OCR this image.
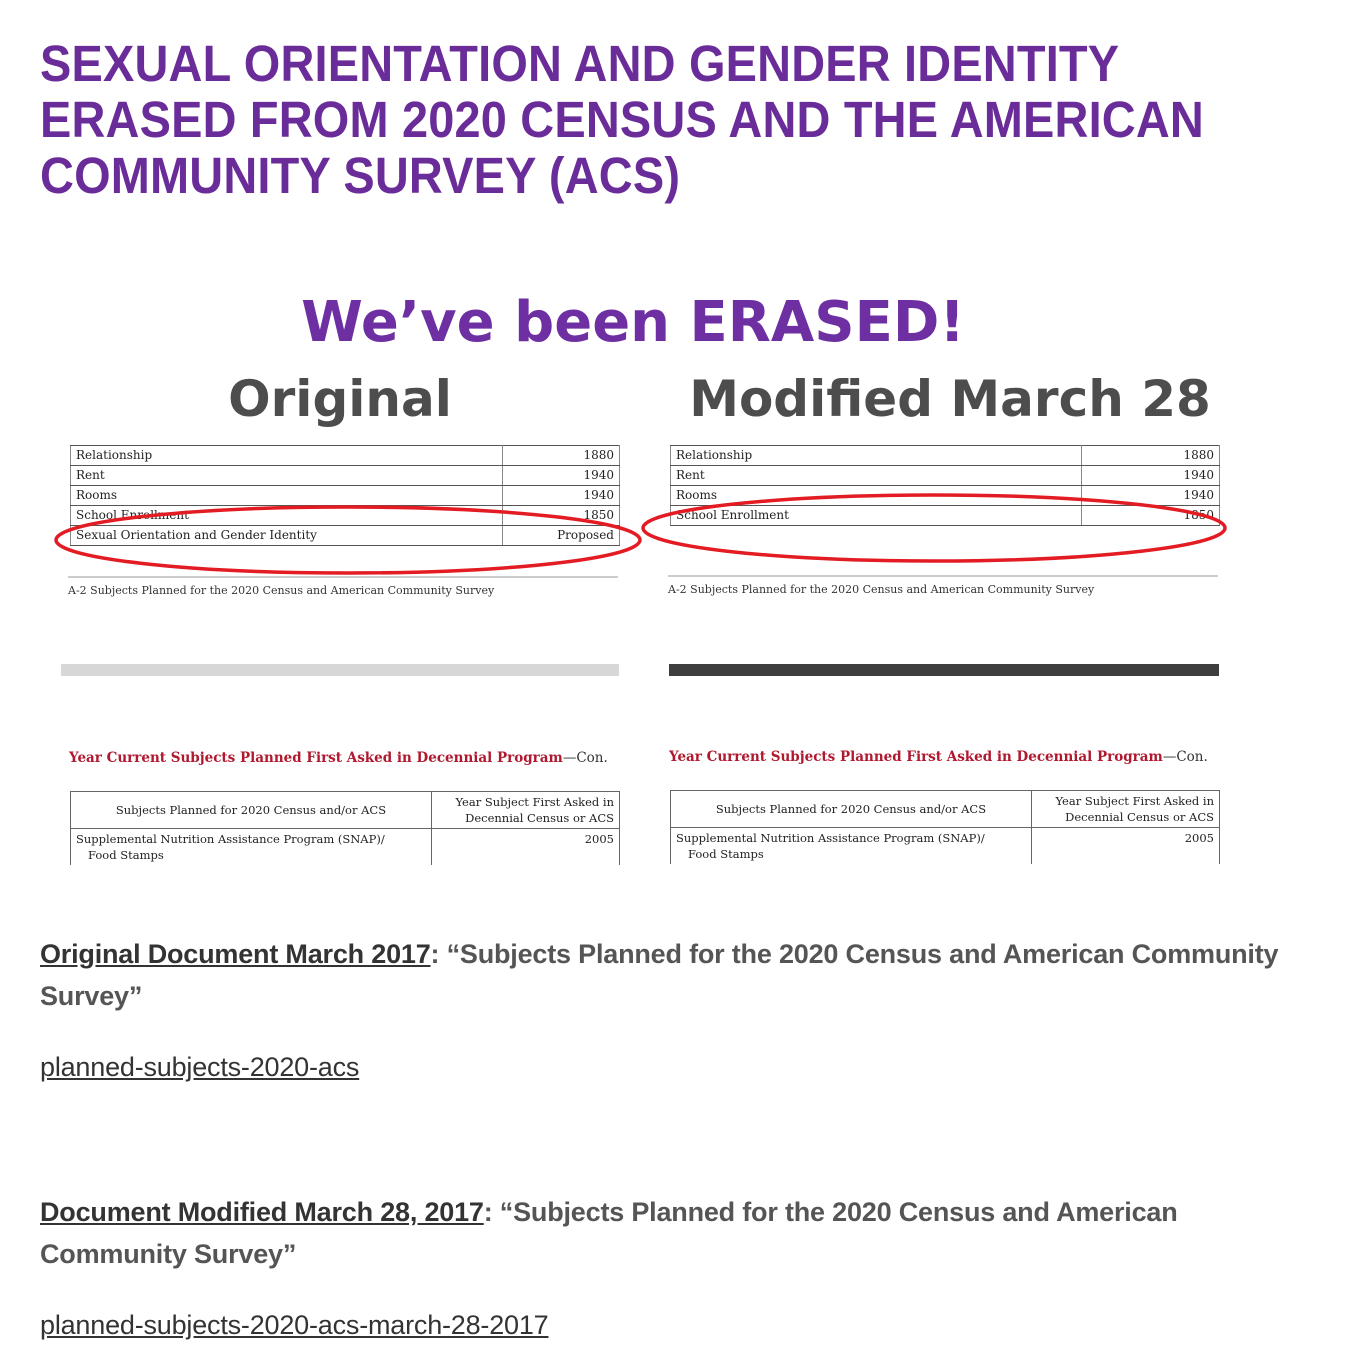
SEXUAL ORIENTATION AND GENDER IDENTITY ERASED FROM 2020 CENSUS AND THE AMERICAN COMMUNITY SURVEY (ACS)
We’ve been ERASED!
Original	Modified March 28
Relationship	1880
Rent	1940
Rooms	1940
School Enrollment	1850
Sexual Orientation and Gender Identity	Proposed
Relationship	1880
Rent	1940
Rooms	1940
School Enrollment	1850
A-2 Subjects Planned for the 2020 Census and American Community Survey	A-2 Subjects Planned for the 2020 Census and American Community Survey
Year Current Subjects Planned First Asked in Decennial Program—Con.	Year Current Subjects Planned First Asked in Decennial Program—Con.
Subjects Planned for 2020 Census and/or ACS	Year Subject First Asked in
Decennial Census or ACS

Supplemental Nutrition Assistance Program (SNAP)/
Food Stamps	2005
Subjects Planned for 2020 Census and/or ACS	Year Subject First Asked in
Decennial Census or ACS

Supplemental Nutrition Assistance Program (SNAP)/
Food Stamps	2005

Original Document March 2017: “Subjects Planned for the 2020 Census and American Community Survey”

planned-subjects-2020-acs

Document Modified March 28, 2017: “Subjects Planned for the 2020 Census and American Community Survey”

planned-subjects-2020-acs-march-28-2017
